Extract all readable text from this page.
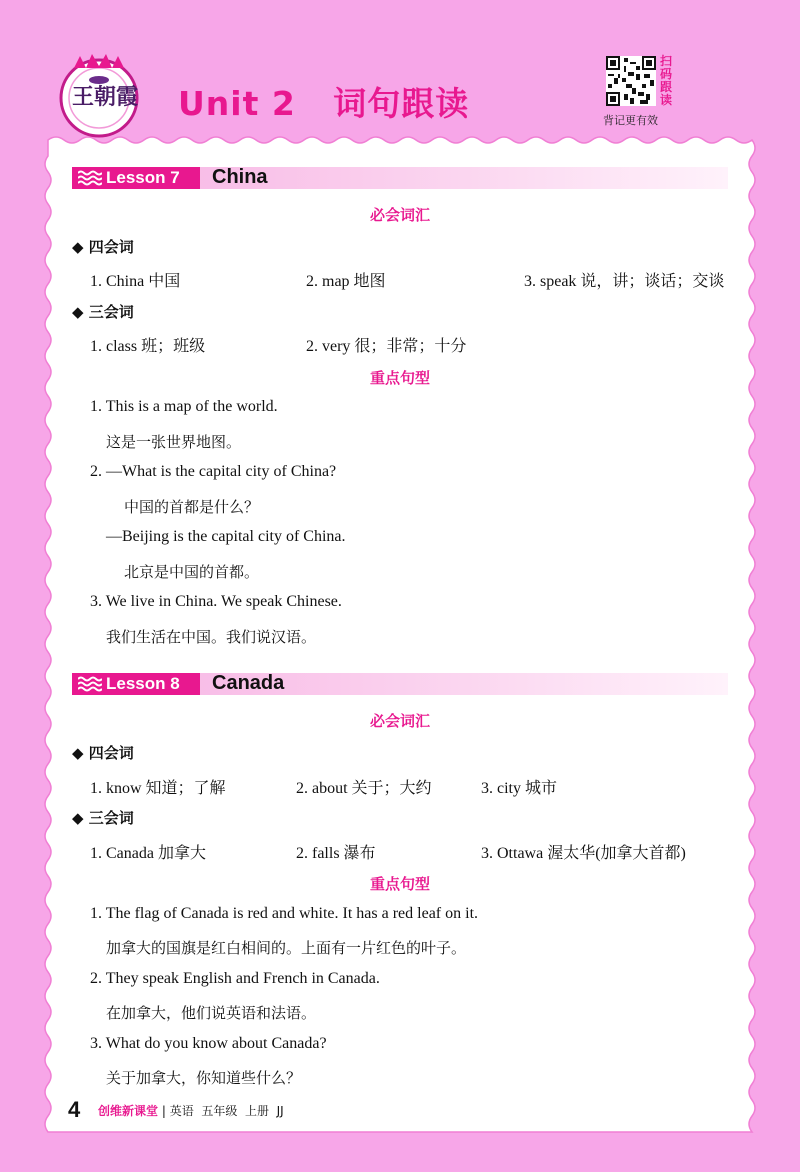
王朝霞 Unit 2   词句跟读
扫码跟读
背记更有效
Lesson 7 China
必会词汇
◆ 四会词
1. China 中国	2. map 地图	3. speak 说，讲；谈话；交谈
◆ 三会词
1. class 班；班级	2. very 很；非常；十分
重点句型
1. This is a map of the world.
这是一张世界地图。
2. —What is the capital city of China?
中国的首都是什么？
—Beijing is the capital city of China.
北京是中国的首都。
3. We live in China. We speak Chinese.
我们生活在中国。我们说汉语。
Lesson 8 Canada
必会词汇
◆ 四会词
1. know 知道；了解	2. about 关于；大约	3. city 城市
◆ 三会词
1. Canada 加拿大	2. falls 瀑布	3. Ottawa 渥太华(加拿大首都)
重点句型
1. The flag of Canada is red and white. It has a red leaf on it.
加拿大的国旗是红白相间的。上面有一片红色的叶子。
2. They speak English and French in Canada.
在加拿大，他们说英语和法语。
3. What do you know about Canada?
关于加拿大，你知道些什么？
4 创维新课堂 | 英语  五年级  上册  JJ
